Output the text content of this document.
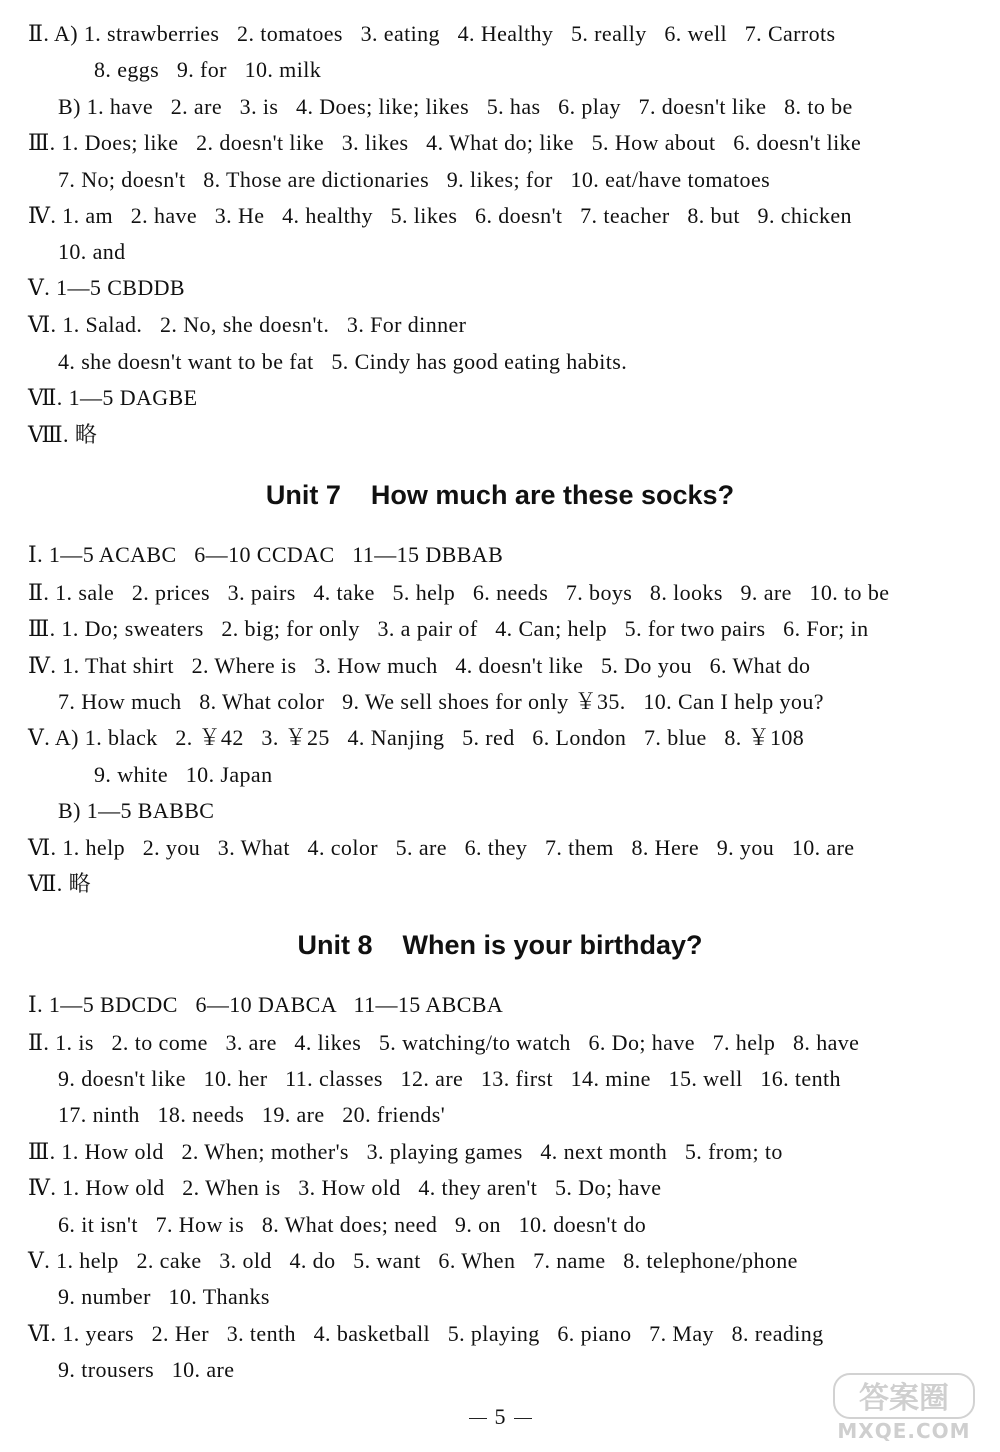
Ⅱ. A) 1. strawberries   2. tomatoes   3. eating   4. Healthy   5. really   6. well   7. Carrots
8. eggs   9. for   10. milk
B) 1. have   2. are   3. is   4. Does; like; likes   5. has   6. play   7. doesn't like   8. to be
Ⅲ. 1. Does; like   2. doesn't like   3. likes   4. What do; like   5. How about   6. doesn't like
7. No; doesn't   8. Those are dictionaries   9. likes; for   10. eat/have tomatoes
Ⅳ. 1. am   2. have   3. He   4. healthy   5. likes   6. doesn't   7. teacher   8. but   9. chicken
10. and
Ⅴ. 1—5 CBDDB
Ⅵ. 1. Salad.   2. No, she doesn't.   3. For dinner
4. she doesn't want to be fat   5. Cindy has good eating habits.
Ⅶ. 1—5 DAGBE
Ⅷ. 略
Unit 7    How much are these socks?
Ⅰ. 1—5 ACABC   6—10 CCDAC   11—15 DBBAB
Ⅱ. 1. sale   2. prices   3. pairs   4. take   5. help   6. needs   7. boys   8. looks   9. are   10. to be
Ⅲ. 1. Do; sweaters   2. big; for only   3. a pair of   4. Can; help   5. for two pairs   6. For; in
Ⅳ. 1. That shirt   2. Where is   3. How much   4. doesn't like   5. Do you   6. What do
7. How much   8. What color   9. We sell shoes for only ￥35.   10. Can I help you?
Ⅴ. A) 1. black   2. ￥42   3. ￥25   4. Nanjing   5. red   6. London   7. blue   8. ￥108
9. white   10. Japan
B) 1—5 BABBC
Ⅵ. 1. help   2. you   3. What   4. color   5. are   6. they   7. them   8. Here   9. you   10. are
Ⅶ. 略
Unit 8    When is your birthday?
Ⅰ. 1—5 BDCDC   6—10 DABCA   11—15 ABCBA
Ⅱ. 1. is   2. to come   3. are   4. likes   5. watching/to watch   6. Do; have   7. help   8. have
9. doesn't like   10. her   11. classes   12. are   13. first   14. mine   15. well   16. tenth
17. ninth   18. needs   19. are   20. friends'
Ⅲ. 1. How old   2. When; mother's   3. playing games   4. next month   5. from; to
Ⅳ. 1. How old   2. When is   3. How old   4. they aren't   5. Do; have
6. it isn't   7. How is   8. What does; need   9. on   10. doesn't do
Ⅴ. 1. help   2. cake   3. old   4. do   5. want   6. When   7. name   8. telephone/phone
9. number   10. Thanks
Ⅵ. 1. years   2. Her   3. tenth   4. basketball   5. playing   6. piano   7. May   8. reading
9. trousers   10. are
5
答案圈
MXQE.COM
